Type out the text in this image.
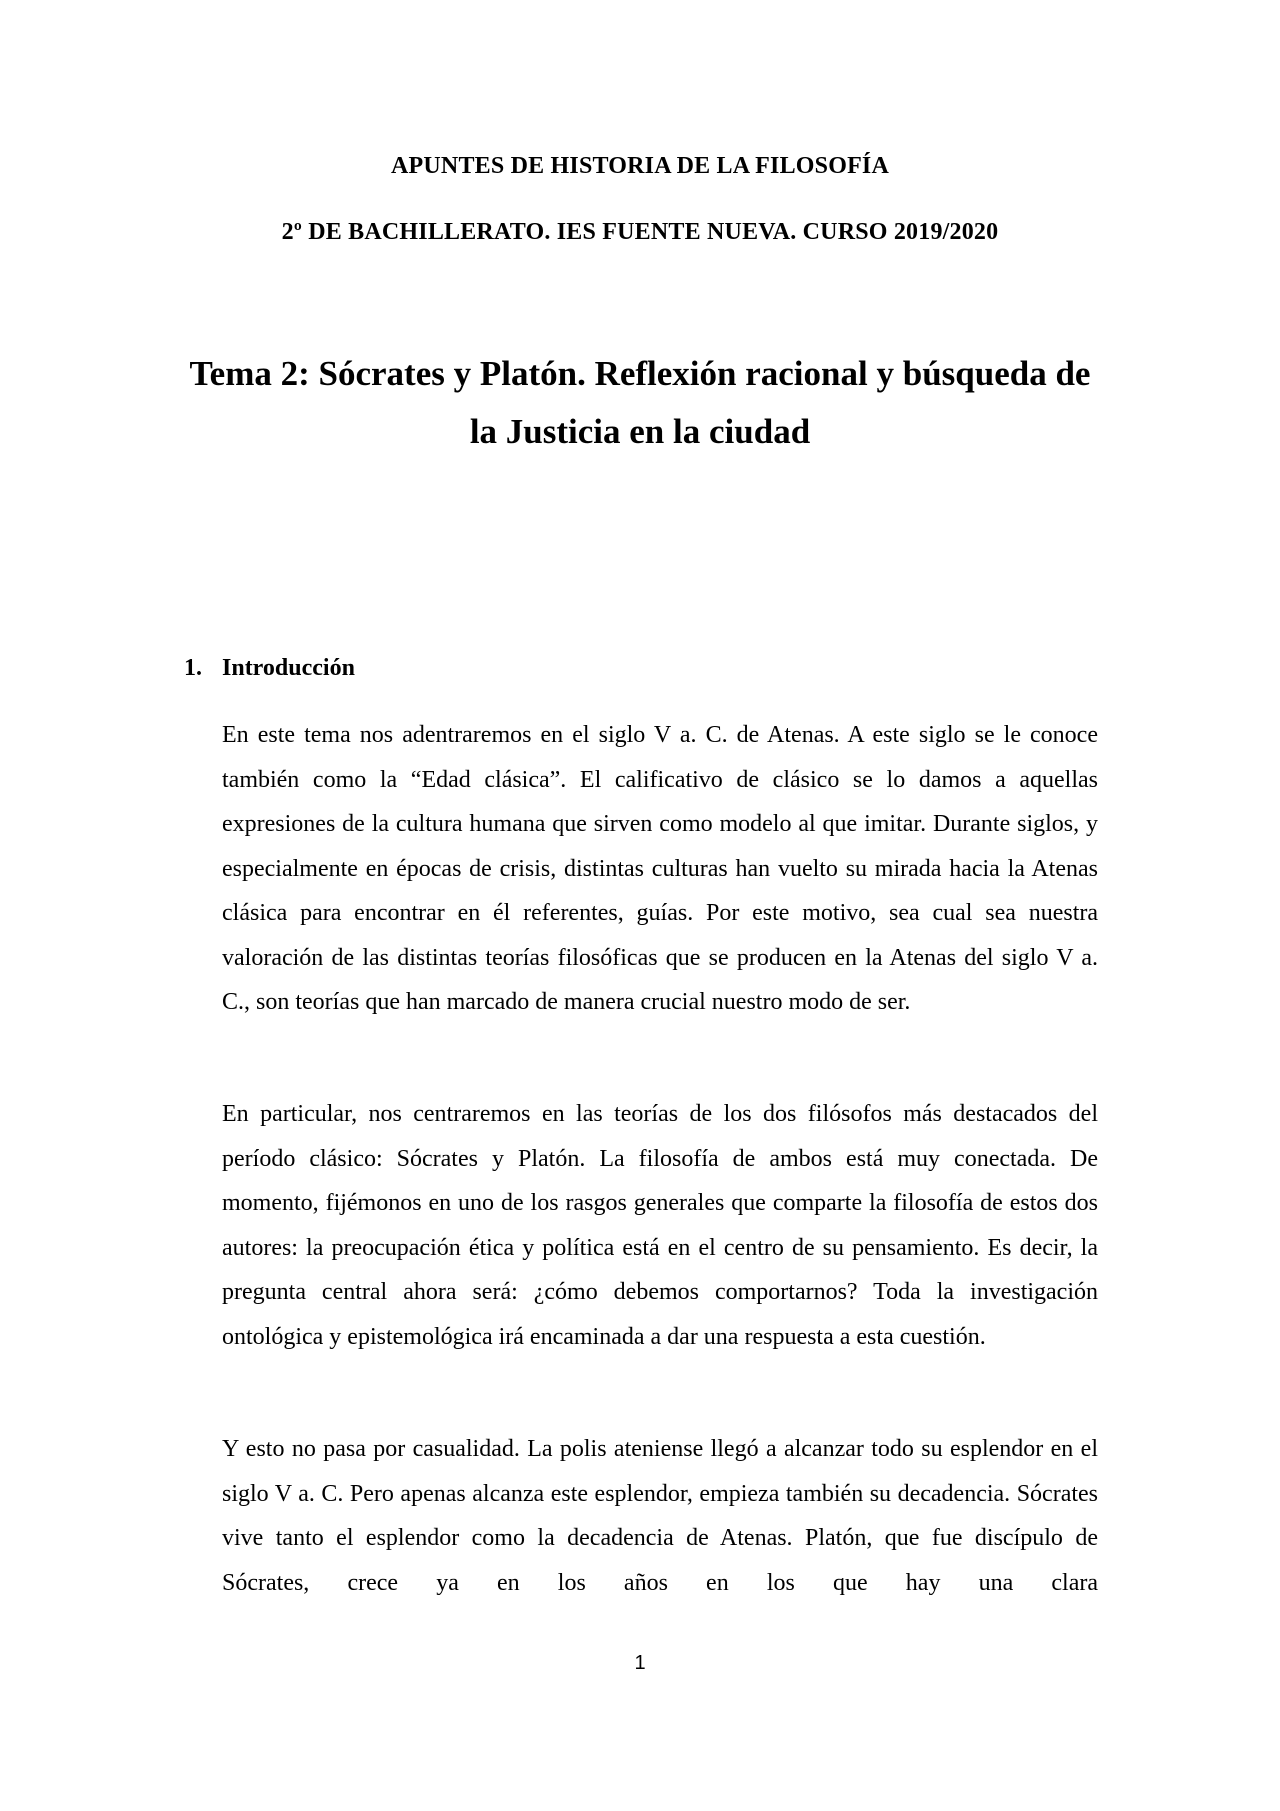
APUNTES DE HISTORIA DE LA FILOSOFÍA
2º DE BACHILLERATO. IES FUENTE NUEVA. CURSO 2019/2020
Tema 2: Sócrates y Platón. Reflexión racional y búsqueda de
la Justicia en la ciudad
1. Introducción

En este tema nos adentraremos en el siglo V a. C. de Atenas. A este siglo se le conoce también como la “Edad clásica”. El calificativo de clásico se lo damos a aquellas expresiones de la cultura humana que sirven como modelo al que imitar. Durante siglos, y especialmente en épocas de crisis, distintas culturas han vuelto su mirada hacia la Atenas clásica para encontrar en él referentes, guías. Por este motivo, sea cual sea nuestra valoración de las distintas teorías filosóficas que se producen en la Atenas del siglo V a. C., son teorías que han marcado de manera crucial nuestro modo de ser.

En particular, nos centraremos en las teorías de los dos filósofos más destacados del período clásico: Sócrates y Platón. La filosofía de ambos está muy conectada. De momento, fijémonos en uno de los rasgos generales que comparte la filosofía de estos dos autores: la preocupación ética y política está en el centro de su pensamiento. Es decir, la pregunta central ahora será: ¿cómo debemos comportarnos? Toda la investigación ontológica y epistemológica irá encaminada a dar una respuesta a esta cuestión.

Y esto no pasa por casualidad. La polis ateniense llegó a alcanzar todo su esplendor en el siglo V a. C. Pero apenas alcanza este esplendor, empieza también su decadencia. Sócrates vive tanto el esplendor como la decadencia de Atenas. Platón, que fue discípulo de Sócrates, crece ya en los años en los que hay una clara

1
